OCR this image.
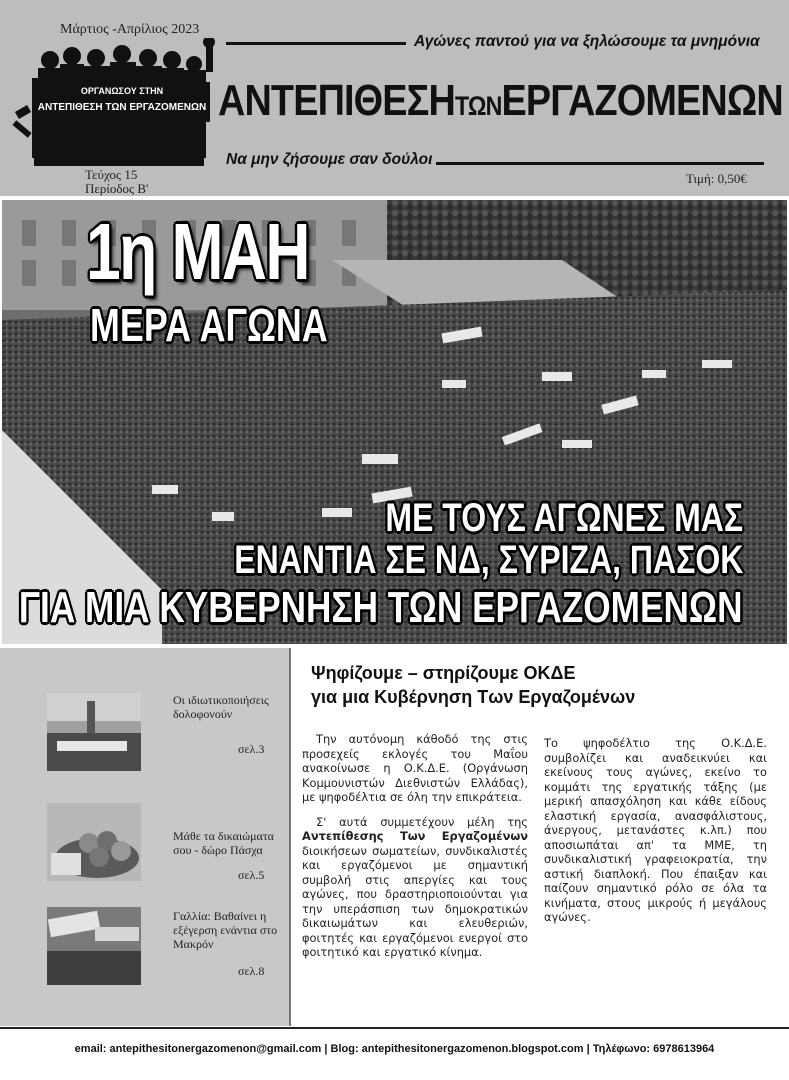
Μάρτιος -Απρίλιος 2023
ΟΡΓΑΝΩΣΟΥ ΣΤΗΝ
ΑΝΤΕΠΙΘΕΣΗ ΤΩΝ ΕΡΓΑΖΟΜΕΝΩΝ
Τεύχος 15
Περίοδος Β'
Αγώνες παντού για να ξηλώσουμε τα μνημόνια
ΑΝΤΕΠΙΘΕΣΗΤΩΝΕΡΓΑΖΟΜΕΝΩΝ
Να μην ζήσουμε σαν δούλοι
Τιμή: 0,50€
1η ΜΑΗ
ΜΕΡΑ ΑΓΩΝΑ
ΜΕ ΤΟΥΣ ΑΓΩΝΕΣ ΜΑΣ
ΕΝΑΝΤΙΑ ΣΕ ΝΔ, ΣΥΡΙΖΑ, ΠΑΣΟΚ
ΓΙΑ ΜΙΑ ΚΥΒΕΡΝΗΣΗ ΤΩΝ ΕΡΓΑΖΟΜΕΝΩΝ
Οι ιδιωτικοποιήσεις δολοφονούν
σελ.3
Μάθε τα δικαιώματα σου - δώρο Πάσχα
σελ.5
Γαλλία: Βαθαίνει η εξέγερση ενάντια στο Μακρόν
σελ.8
Ψηφίζουμε – στηρίζουμε ΟΚΔΕ
για μια Κυβέρνηση Των Εργαζομένων

Την αυτόνομη κάθοδό της στις προσεχείς εκλογές του Μαΐου ανακοίνωσε η Ο.Κ.Δ.Ε. (Οργάνωση Κομμουνιστών Διεθνιστών Ελλάδας), με ψηφοδέλτια σε όλη την επικράτεια.

Σ' αυτά συμμετέχουν μέλη της Αντεπίθεσης Των Εργαζομένων διοικήσεων σωματείων, συνδικαλιστές και εργαζόμενοι με σημαντική συμβολή στις απεργίες και τους αγώνες, που δραστηριοποιούνται για την υπεράσπιση των δημοκρατικών δικαιωμάτων και ελευθεριών, φοιτητές και εργαζόμενοι ενεργοί στο φοιτητικό και εργατικό κίνημα.

Το ψηφοδέλτιο της Ο.Κ.Δ.Ε. συμβολίζει και αναδεικνύει και εκείνους τους αγώνες, εκείνο το κομμάτι της εργατικής τάξης (με μερική απασχόληση και κάθε είδους ελαστική εργασία, ανασφάλιστους, άνεργους, μετανάστες κ.λπ.) που αποσιωπάται απ' τα ΜΜΕ, τη συνδικαλιστική γραφειοκρατία, την αστική διαπλοκή. Που έπαιξαν και παίζουν σημαντικό ρόλο σε όλα τα κινήματα, στους μικρούς ή μεγάλους αγώνες.

email: antepithesitonergazomenon@gmail.com | Blog: antepithesitonergazomenon.blogspot.com | Τηλέφωνο: 6978613964
